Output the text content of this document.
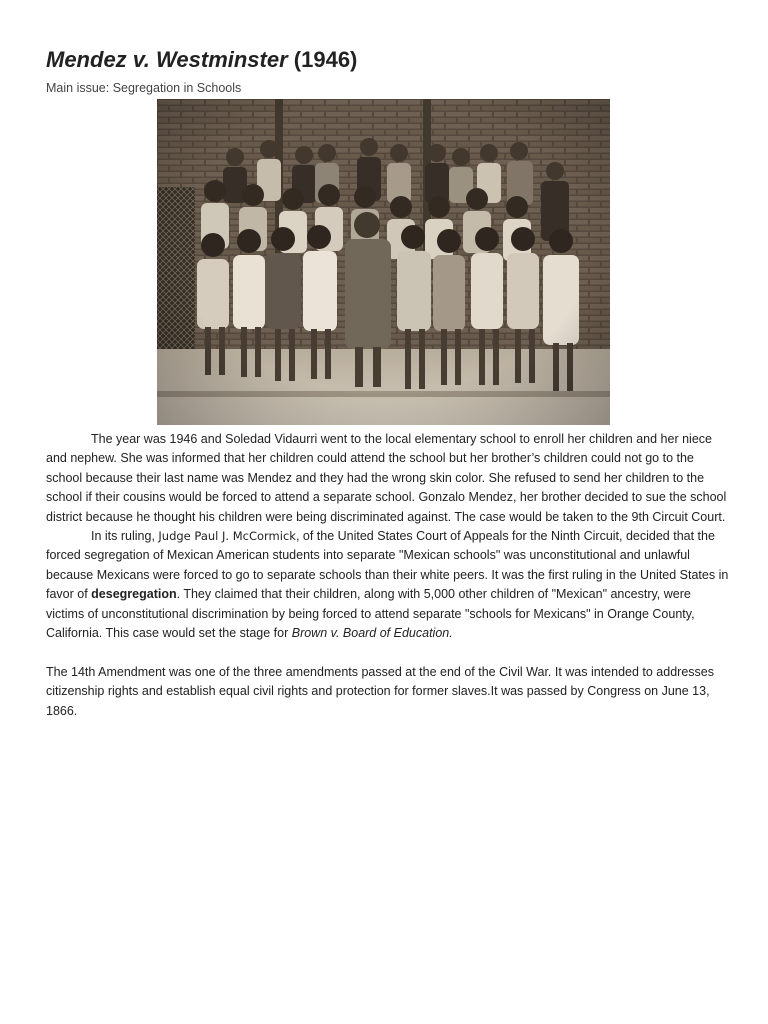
Mendez v. Westminster (1946)
Main issue: Segregation in Schools

The year was 1946 and Soledad Vidaurri went to the local elementary school to enroll her children and her niece and nephew. She was informed that her children could attend the school but her brother’s children could not go to the school because their last name was Mendez and they had the wrong skin color. She refused to send her children to the school if their cousins would be forced to attend a separate school. Gonzalo Mendez, her brother decided to sue the school district because he thought his children were being discriminated against. The case would be taken to the 9th Circuit Court.

In its ruling, Judge Paul J. McCormick, of the United States Court of Appeals for the Ninth Circuit, decided that the forced segregation of Mexican American students into separate "Mexican schools" was unconstitutional and unlawful because Mexicans were forced to go to separate schools than their white peers. It was the first ruling in the United States in favor of desegregation. They claimed that their children, along with 5,000 other children of "Mexican" ancestry, were victims of unconstitutional discrimination by being forced to attend separate "schools for Mexicans" in Orange County, California. This case would set the stage for Brown v. Board of Education.

The 14th Amendment was one of the three amendments passed at the end of the Civil War. It was intended to addresses citizenship rights and establish equal civil rights and protection for former slaves.It was passed by Congress on June 13, 1866.
